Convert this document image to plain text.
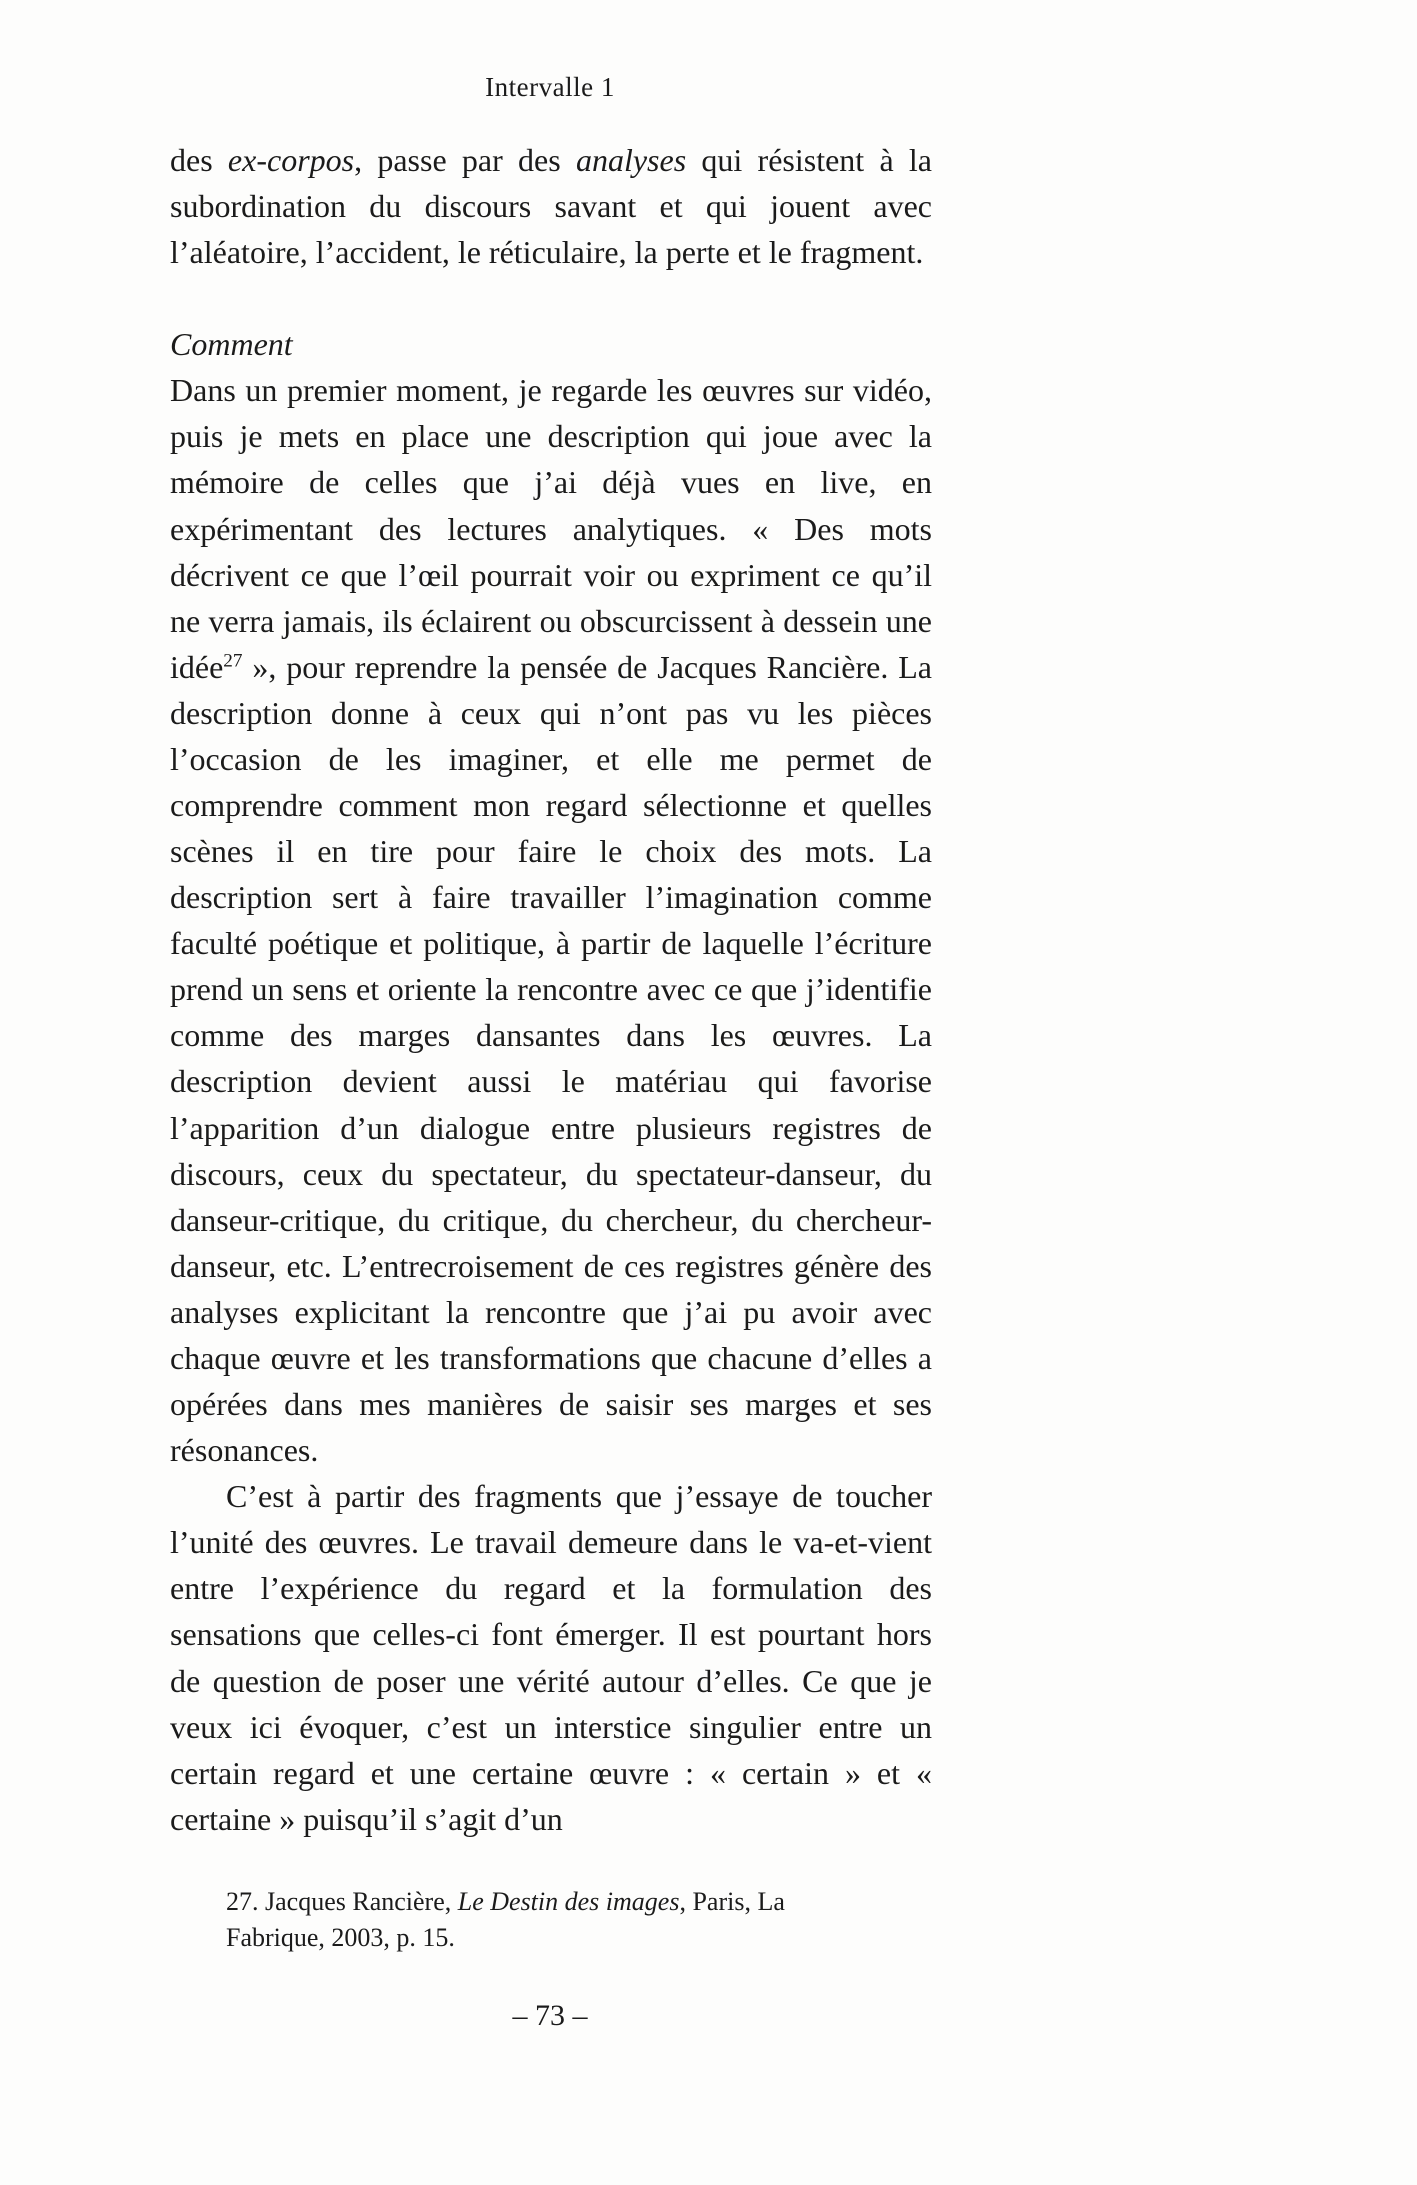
Intervalle 1

des ex-corpos, passe par des analyses qui résistent à la subordination du discours savant et qui jouent avec l’aléatoire, l’accident, le réticulaire, la perte et le fragment.

Comment

Dans un premier moment, je regarde les œuvres sur vidéo, puis je mets en place une description qui joue avec la mémoire de celles que j’ai déjà vues en live, en expérimentant des lectures analytiques. « Des mots décrivent ce que l’œil pourrait voir ou expriment ce qu’il ne verra jamais, ils éclairent ou obscurcissent à dessein une idée$^{27}$ », pour reprendre la pensée de Jacques Rancière. La description donne à ceux qui n’ont pas vu les pièces l’occasion de les imaginer, et elle me permet de comprendre comment mon regard sélectionne et quelles scènes il en tire pour faire le choix des mots. La description sert à faire travailler l’imagination comme faculté poétique et politique, à partir de laquelle l’écriture prend un sens et oriente la rencontre avec ce que j’identifie comme des marges dansantes dans les œuvres. La description devient aussi le matériau qui favorise l’apparition d’un dialogue entre plusieurs registres de discours, ceux du spectateur, du spectateur-danseur, du danseur-critique, du critique, du chercheur, du chercheur-danseur, etc. L’entrecroisement de ces registres génère des analyses explicitant la rencontre que j’ai pu avoir avec chaque œuvre et les transformations que chacune d’elles a opérées dans mes manières de saisir ses marges et ses résonances.

C’est à partir des fragments que j’essaye de toucher l’unité des œuvres. Le travail demeure dans le va-et-vient entre l’expérience du regard et la formulation des sensations que celles-ci font émerger. Il est pourtant hors de question de poser une vérité autour d’elles. Ce que je veux ici évoquer, c’est un interstice singulier entre un certain regard et une certaine œuvre : « certain » et « certaine » puisqu’il s’agit d’un

27. Jacques Rancière, Le Destin des images, Paris, La Fabrique, 2003, p. 15.
– 73 –
